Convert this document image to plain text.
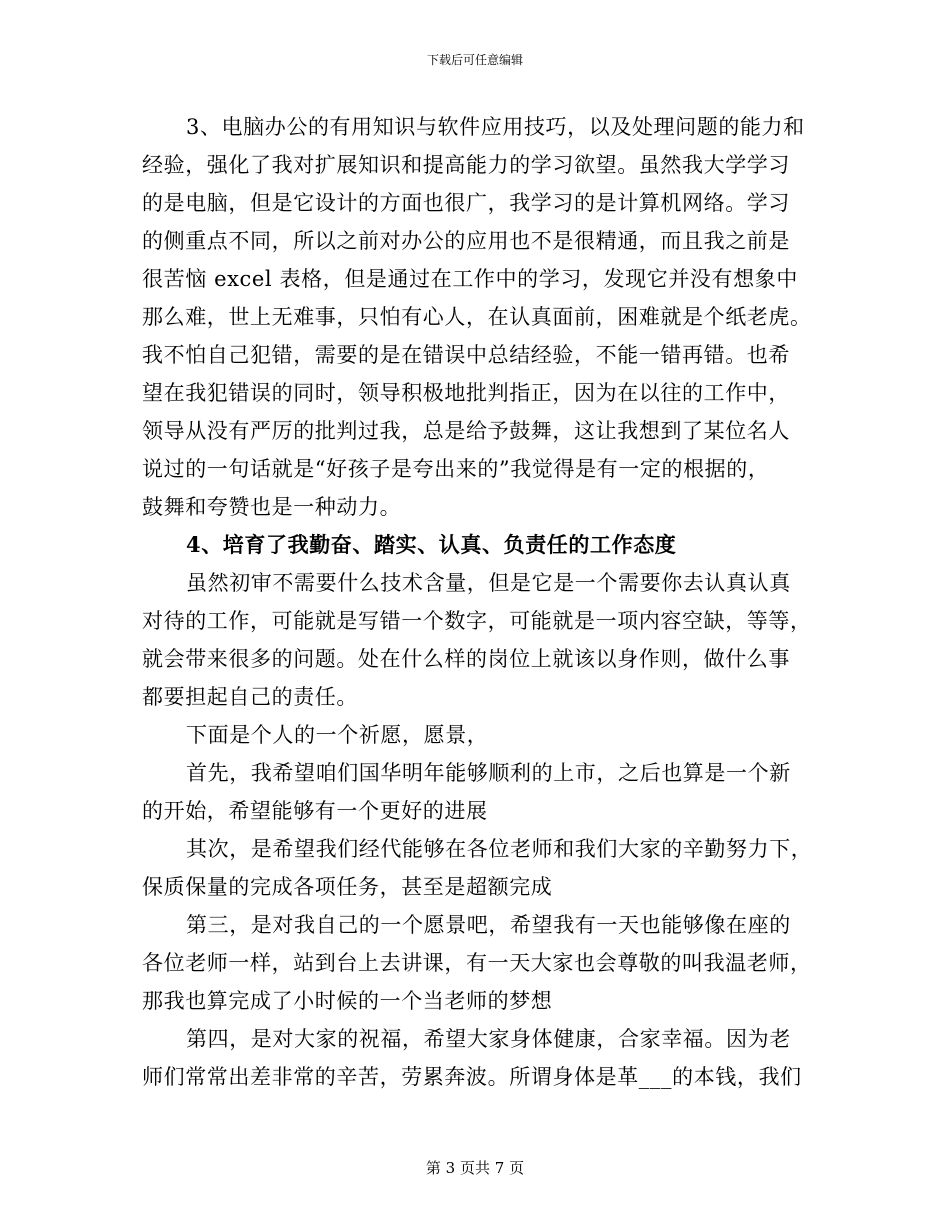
下载后可任意编辑
3、电脑办公的有用知识与软件应用技巧，以及处理问题的能力和
经验，强化了我对扩展知识和提高能力的学习欲望。虽然我大学学习
的是电脑，但是它设计的方面也很广，我学习的是计算机网络。学习
的侧重点不同，所以之前对办公的应用也不是很精通，而且我之前是
很苦恼 excel 表格，但是通过在工作中的学习，发现它并没有想象中
那么难，世上无难事，只怕有心人，在认真面前，困难就是个纸老虎。
我不怕自己犯错，需要的是在错误中总结经验，不能一错再错。也希
望在我犯错误的同时，领导积极地批判指正，因为在以往的工作中，
领导从没有严厉的批判过我，总是给予鼓舞，这让我想到了某位名人
说过的一句话就是“好孩子是夸出来的”我觉得是有一定的根据的，
鼓舞和夸赞也是一种动力。
4、培育了我勤奋、踏实、认真、负责任的工作态度
虽然初审不需要什么技术含量，但是它是一个需要你去认真认真
对待的工作，可能就是写错一个数字，可能就是一项内容空缺，等等，
就会带来很多的问题。处在什么样的岗位上就该以身作则，做什么事
都要担起自己的责任。
下面是个人的一个祈愿，愿景，
首先，我希望咱们国华明年能够顺利的上市，之后也算是一个新
的开始，希望能够有一个更好的进展
其次，是希望我们经代能够在各位老师和我们大家的辛勤努力下，
保质保量的完成各项任务，甚至是超额完成
第三，是对我自己的一个愿景吧，希望我有一天也能够像在座的
各位老师一样，站到台上去讲课，有一天大家也会尊敬的叫我温老师，
那我也算完成了小时候的一个当老师的梦想
第四，是对大家的祝福，希望大家身体健康，合家幸福。因为老
师们常常出差非常的辛苦，劳累奔波。所谓身体是革___的本钱，我们
第 3 页共 7 页
